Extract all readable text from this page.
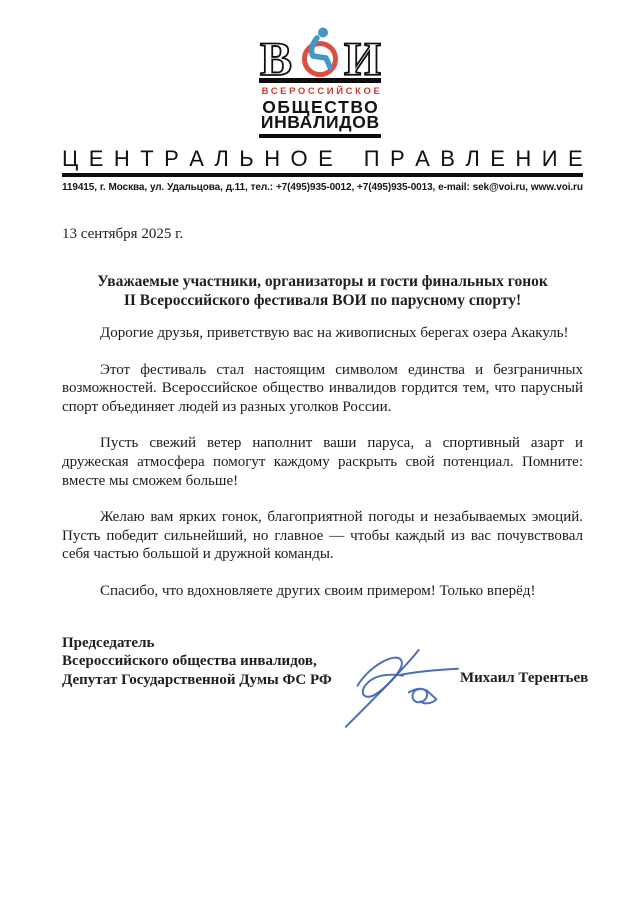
В И
ВСЕРОССИЙСКОЕ
ОБЩЕСТВО
ИНВАЛИДОВ
Ц Е Н Т Р А Л Ь Н О Е П Р А В Л Е Н И Е
119415, г. Москва, ул. Удальцова, д.11, тел.: +7(495)935-0012, +7(495)935-0013, e-mail: sek@voi.ru, www.voi.ru

13 сентября 2025 г.

Уважаемые участники, организаторы и гости финальных гонок
II Всероссийского фестиваля ВОИ по парусному спорту!

Дорогие друзья, приветствую вас на живописных берегах озера Акакуль!

Этот фестиваль стал настоящим символом единства и безграничных возможностей. Всероссийское общество инвалидов гордится тем, что парусный спорт объединяет людей из разных уголков России.

Пусть свежий ветер наполнит ваши паруса, а спортивный азарт и дружеская атмосфера помогут каждому раскрыть свой потенциал. Помните: вместе мы сможем больше!

Желаю вам ярких гонок, благоприятной погоды и незабываемых эмоций. Пусть победит сильнейший, но главное — чтобы каждый из вас почувствовал себя частью большой и дружной команды.

Спасибо, что вдохновляете других своим примером! Только вперёд!

Председатель
Всероссийского общества инвалидов,
Депутат Государственной Думы ФС РФ	Михаил Терентьев
